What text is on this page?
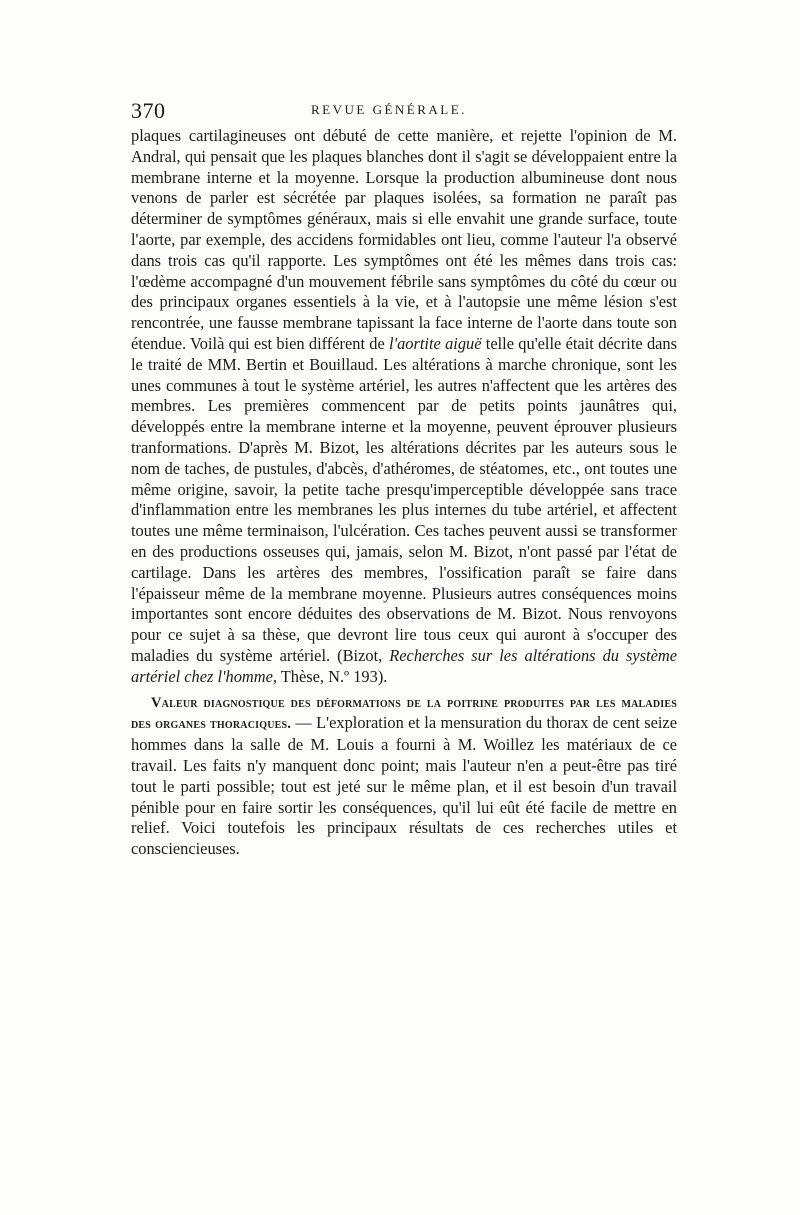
370	REVUE GÉNÉRALE.

plaques cartilagineuses ont débuté de cette manière, et rejette l'opinion de M. Andral, qui pensait que les plaques blanches dont il s'agit se développaient entre la membrane interne et la moyenne. Lorsque la production albumineuse dont nous venons de parler est sécrétée par plaques isolées, sa formation ne paraît pas déterminer de symptômes généraux, mais si elle envahit une grande surface, toute l'aorte, par exemple, des accidens formidables ont lieu, comme l'auteur l'a observé dans trois cas qu'il rapporte. Les symptômes ont été les mêmes dans trois cas: l'œdème accompagné d'un mouvement fébrile sans symptômes du côté du cœur ou des principaux organes essentiels à la vie, et à l'autopsie une même lésion s'est rencontrée, une fausse membrane tapissant la face interne de l'aorte dans toute son étendue. Voilà qui est bien différent de l'aortite aiguë telle qu'elle était décrite dans le traité de MM. Bertin et Bouillaud. Les altérations à marche chronique, sont les unes communes à tout le système artériel, les autres n'affectent que les artères des membres. Les premières commencent par de petits points jaunâtres qui, développés entre la membrane interne et la moyenne, peuvent éprouver plusieurs tranformations. D'après M. Bizot, les altérations décrites par les auteurs sous le nom de taches, de pustules, d'abcès, d'athéromes, de stéatomes, etc., ont toutes une même origine, savoir, la petite tache presqu'imperceptible développée sans trace d'inflammation entre les membranes les plus internes du tube artériel, et affectent toutes une même terminaison, l'ulcération. Ces taches peuvent aussi se transformer en des productions osseuses qui, jamais, selon M. Bizot, n'ont passé par l'état de cartilage. Dans les artères des membres, l'ossification paraît se faire dans l'épaisseur même de la membrane moyenne. Plusieurs autres conséquences moins importantes sont encore déduites des observations de M. Bizot. Nous renvoyons pour ce sujet à sa thèse, que devront lire tous ceux qui auront à s'occuper des maladies du système artériel. (Bizot, Recherches sur les altérations du système artériel chez l'homme, Thèse, N.º 193).

Valeur diagnostique des déformations de la poitrine produites par les maladies des organes thoraciques. — L'exploration et la mensuration du thorax de cent seize hommes dans la salle de M. Louis a fourni à M. Woillez les matériaux de ce travail. Les faits n'y manquent donc point; mais l'auteur n'en a peut-être pas tiré tout le parti possible; tout est jeté sur le même plan, et il est besoin d'un travail pénible pour en faire sortir les conséquences, qu'il lui eût été facile de mettre en relief. Voici toutefois les principaux résultats de ces recherches utiles et consciencieuses.
